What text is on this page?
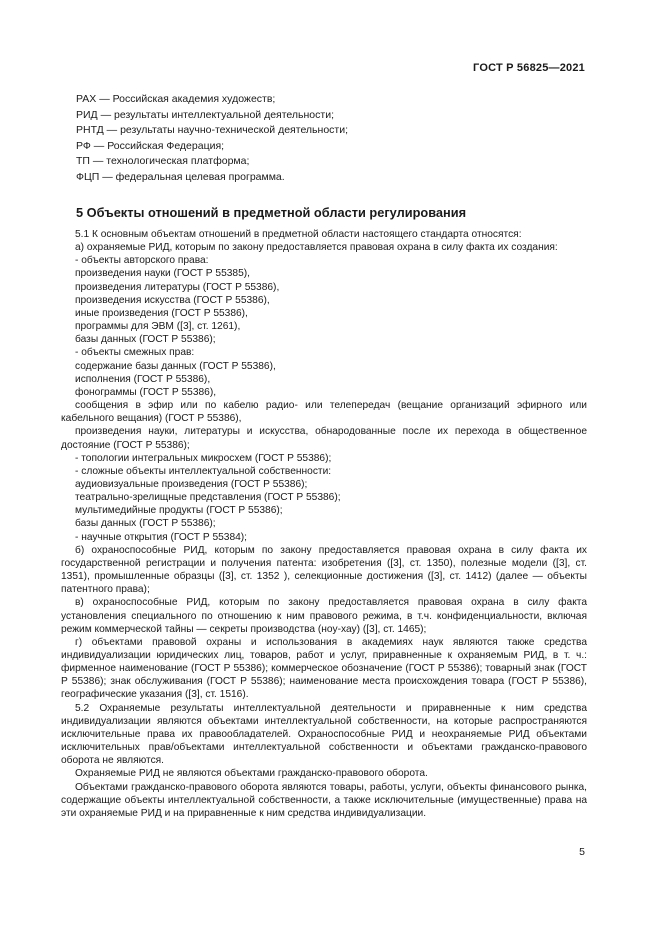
ГОСТ Р 56825—2021
РАХ — Российская академия художеств;
РИД — результаты интеллектуальной деятельности;
РНТД — результаты научно-технической деятельности;
РФ — Российская Федерация;
ТП — технологическая платформа;
ФЦП — федеральная целевая программа.
5 Объекты отношений в предметной области регулирования
5.1 К основным объектам отношений в предметной области настоящего стандарта относятся:
а) охраняемые РИД, которым по закону предоставляется правовая охрана в силу факта их создания:
- объекты авторского права:
произведения науки (ГОСТ Р 55385),
произведения литературы (ГОСТ Р 55386),
произведения искусства (ГОСТ Р 55386),
иные произведения (ГОСТ Р 55386),
программы для ЭВМ ([3], ст. 1261),
базы данных (ГОСТ Р 55386);
- объекты смежных прав:
содержание базы данных (ГОСТ Р 55386),
исполнения (ГОСТ Р 55386),
фонограммы (ГОСТ Р 55386),
сообщения в эфир или по кабелю радио- или телепередач (вещание организаций эфирного или кабельного вещания) (ГОСТ Р 55386),
произведения науки, литературы и искусства, обнародованные после их перехода в общественное достояние (ГОСТ Р 55386);
- топологии интегральных микросхем (ГОСТ Р 55386);
- сложные объекты интеллектуальной собственности:
аудиовизуальные произведения (ГОСТ Р 55386);
театрально-зрелищные представления (ГОСТ Р 55386);
мультимедийные продукты (ГОСТ Р 55386);
базы данных (ГОСТ Р 55386);
- научные открытия (ГОСТ Р 55384);
б) охраноспособные РИД, которым по закону предоставляется правовая охрана в силу факта их государственной регистрации и получения патента: изобретения ([3], ст. 1350), полезные модели ([3], ст. 1351), промышленные образцы ([3], ст. 1352 ), селекционные достижения ([3], ст. 1412) (далее — объекты патентного права);
в) охраноспособные РИД, которым по закону предоставляется правовая охрана в силу факта установления специального по отношению к ним правового режима, в т.ч. конфиденциальности, включая режим коммерческой тайны — секреты производства (ноу-хау) ([3], ст. 1465);
г) объектами правовой охраны и использования в академиях наук являются также средства индивидуализации юридических лиц, товаров, работ и услуг, приравненные к охраняемым РИД, в т. ч.: фирменное наименование (ГОСТ Р 55386); коммерческое обозначение (ГОСТ Р 55386); товарный знак (ГОСТ Р 55386); знак обслуживания (ГОСТ Р 55386); наименование места происхождения товара (ГОСТ Р 55386), географические указания ([3], ст. 1516).
5.2 Охраняемые результаты интеллектуальной деятельности и приравненные к ним средства индивидуализации являются объектами интеллектуальной собственности, на которые распространяются исключительные права их правообладателей. Охраноспособные РИД и неохраняемые РИД объектами исключительных прав/объектами интеллектуальной собственности и объектами гражданско-правового оборота не являются.
Охраняемые РИД не являются объектами гражданско-правового оборота.
Объектами гражданско-правового оборота являются товары, работы, услуги, объекты финансового рынка, содержащие объекты интеллектуальной собственности, а также исключительные (имущественные) права на эти охраняемые РИД и на приравненные к ним средства индивидуализации.
5
